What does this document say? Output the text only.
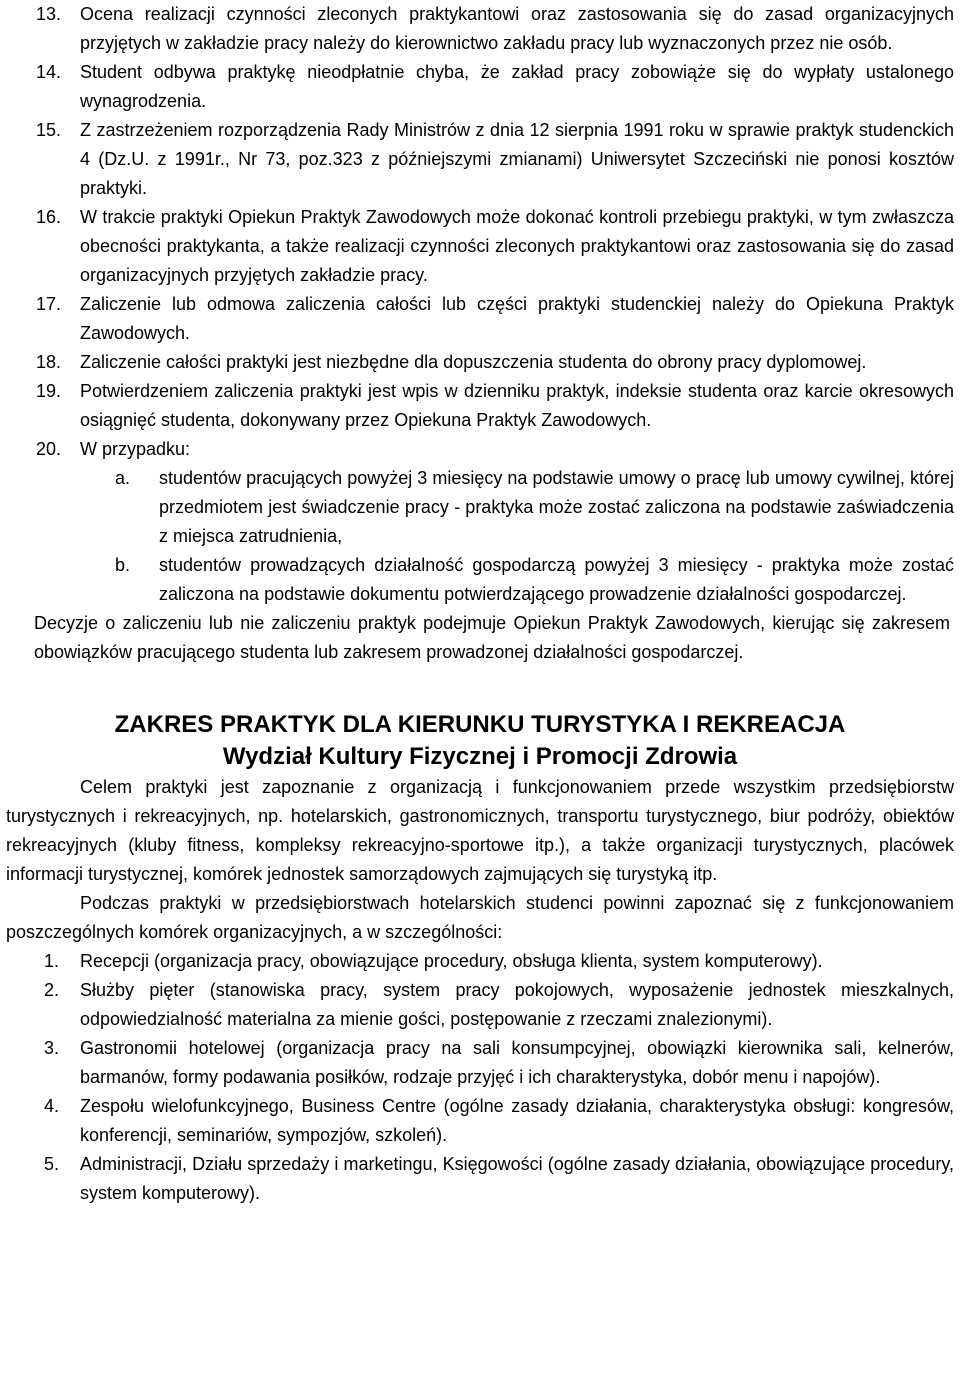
13.	Ocena realizacji czynności zleconych praktykantowi oraz zastosowania się do zasad organizacyjnych przyjętych w zakładzie pracy należy do kierownictwo zakładu pracy lub wyznaczonych przez nie osób.
14.	Student odbywa praktykę nieodpłatnie chyba, że zakład pracy zobowiąże się do wypłaty ustalonego wynagrodzenia.
15.	Z zastrzeżeniem rozporządzenia Rady Ministrów z dnia 12 sierpnia 1991 roku w sprawie praktyk studenckich 4 (Dz.U. z 1991r., Nr 73, poz.323 z późniejszymi zmianami) Uniwersytet Szczeciński nie ponosi kosztów praktyki.
16.	W trakcie praktyki Opiekun Praktyk Zawodowych może dokonać kontroli przebiegu praktyki, w tym zwłaszcza obecności praktykanta, a także realizacji czynności zleconych praktykantowi oraz zastosowania się do zasad organizacyjnych przyjętych zakładzie pracy.
17.	Zaliczenie lub odmowa zaliczenia całości lub części praktyki studenckiej należy do Opiekuna Praktyk Zawodowych.
18.	Zaliczenie całości praktyki jest niezbędne dla dopuszczenia studenta do obrony pracy dyplomowej.
19.	Potwierdzeniem zaliczenia praktyki jest wpis w dzienniku praktyk, indeksie studenta oraz karcie okresowych osiągnięć studenta, dokonywany przez Opiekuna Praktyk Zawodowych.
20.	W przypadku:
a.	studentów pracujących powyżej 3 miesięcy na podstawie umowy o pracę lub umowy cywilnej, której przedmiotem jest świadczenie pracy - praktyka może zostać zaliczona na podstawie zaświadczenia z miejsca zatrudnienia,
b.	studentów prowadzących działalność gospodarczą powyżej 3 miesięcy - praktyka może zostać zaliczona na podstawie dokumentu potwierdzającego prowadzenie działalności gospodarczej.
Decyzje o zaliczeniu lub nie zaliczeniu praktyk podejmuje Opiekun Praktyk Zawodowych, kierując się zakresem obowiązków pracującego studenta lub zakresem prowadzonej działalności gospodarczej.
ZAKRES PRAKTYK DLA KIERUNKU TURYSTYKA I REKREACJA
Wydział Kultury Fizycznej i Promocji Zdrowia
Celem praktyki jest zapoznanie z organizacją i funkcjonowaniem przede wszystkim przedsiębiorstw turystycznych i rekreacyjnych, np. hotelarskich, gastronomicznych, transportu turystycznego, biur podróży, obiektów rekreacyjnych (kluby fitness, kompleksy rekreacyjno-sportowe itp.), a także organizacji turystycznych, placówek informacji turystycznej, komórek jednostek samorządowych zajmujących się turystyką itp.
Podczas praktyki w przedsiębiorstwach hotelarskich studenci powinni zapoznać się z funkcjonowaniem poszczególnych komórek organizacyjnych, a w szczególności:
1.	Recepcji (organizacja pracy, obowiązujące procedury, obsługa klienta, system komputerowy).
2.	Służby pięter (stanowiska pracy, system pracy pokojowych, wyposażenie jednostek mieszkalnych, odpowiedzialność materialna za mienie gości, postępowanie z rzeczami znalezionymi).
3.	Gastronomii hotelowej (organizacja pracy na sali konsumpcyjnej, obowiązki kierownika sali, kelnerów, barmanów, formy podawania posiłków, rodzaje przyjęć i ich charakterystyka, dobór menu i napojów).
4.	Zespołu wielofunkcyjnego, Business Centre (ogólne zasady działania, charakterystyka obsługi: kongresów, konferencji, seminariów, sympozjów, szkoleń).
5.	Administracji, Działu sprzedaży i marketingu, Księgowości (ogólne zasady działania, obowiązujące procedury, system komputerowy).
